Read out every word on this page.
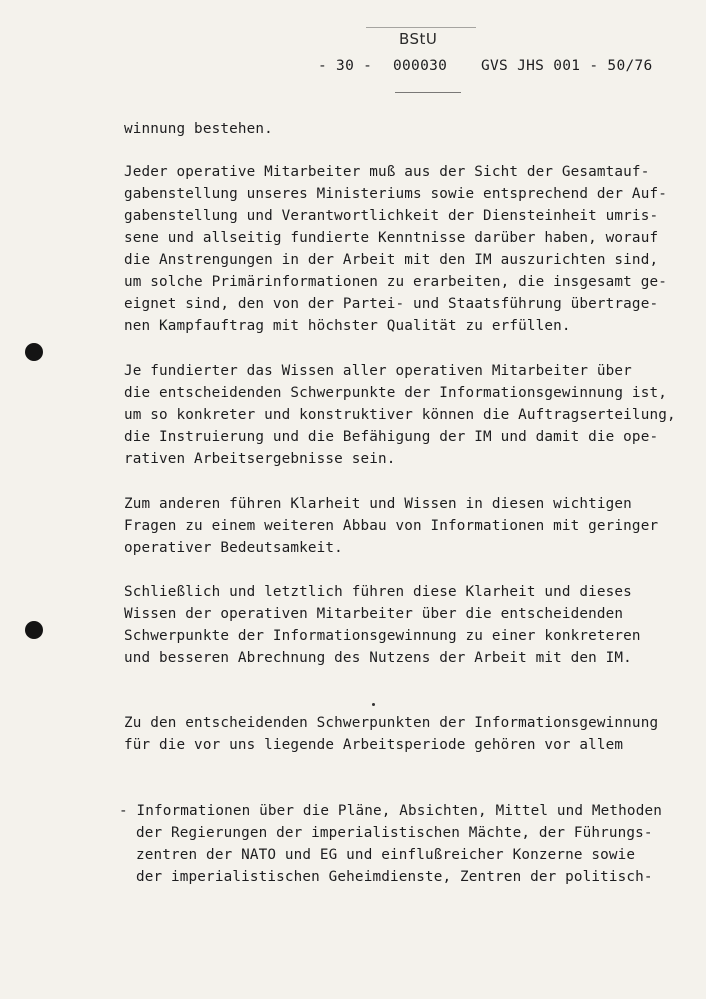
BStU
- 30 - 000030 GVS JHS 001 - 50/76
winnung bestehen.
Jeder operative Mitarbeiter muß aus der Sicht der Gesamtauf-
gabenstellung unseres Ministeriums sowie entsprechend der Auf-
gabenstellung und Verantwortlichkeit der Diensteinheit umris-
sene und allseitig fundierte Kenntnisse darüber haben, worauf
die Anstrengungen in der Arbeit mit den IM auszurichten sind,
um solche Primärinformationen zu erarbeiten, die insgesamt ge-
eignet sind, den von der Partei- und Staatsführung übertrage-
nen Kampfauftrag mit höchster Qualität zu erfüllen.
Je fundierter das Wissen aller operativen Mitarbeiter über
die entscheidenden Schwerpunkte der Informationsgewinnung ist,
um so konkreter und konstruktiver können die Auftragserteilung,
die Instruierung und die Befähigung der IM und damit die ope-
rativen Arbeitsergebnisse sein.
Zum anderen führen Klarheit und Wissen in diesen wichtigen
Fragen zu einem weiteren Abbau von Informationen mit geringer
operativer Bedeutsamkeit.
Schließlich und letztlich führen diese Klarheit und dieses
Wissen der operativen Mitarbeiter über die entscheidenden
Schwerpunkte der Informationsgewinnung zu einer konkreteren
und besseren Abrechnung des Nutzens der Arbeit mit den IM.
Zu den entscheidenden Schwerpunkten der Informationsgewinnung
für die vor uns liegende Arbeitsperiode gehören vor allem
- Informationen über die Pläne, Absichten, Mittel und Methoden
der Regierungen der imperialistischen Mächte, der Führungs-
zentren der NATO und EG und einflußreicher Konzerne sowie
der imperialistischen Geheimdienste, Zentren der politisch-
